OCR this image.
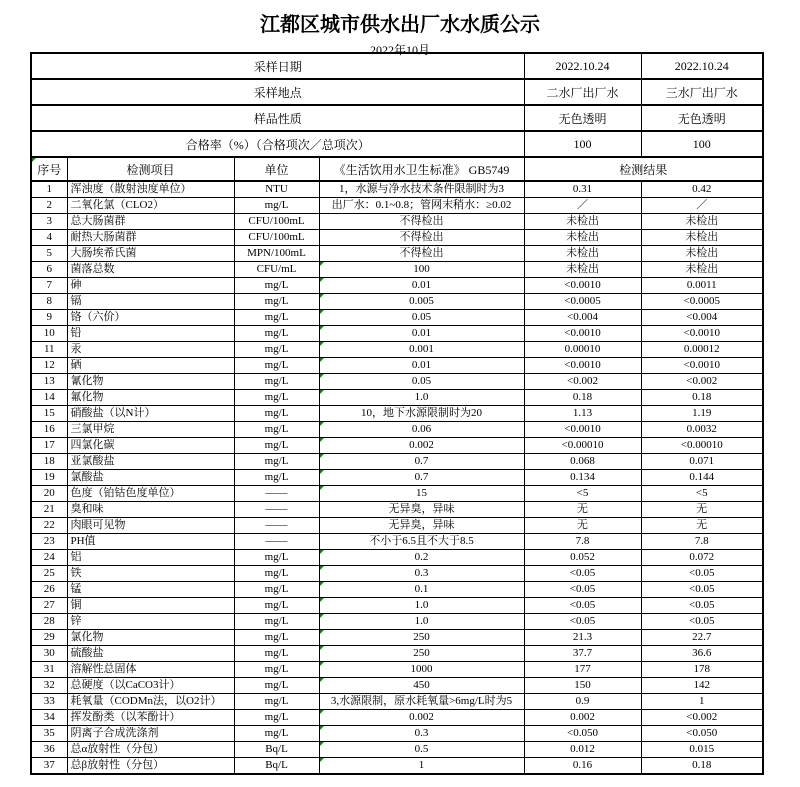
江都区城市供水出厂水水质公示
2022年10月
采样日期				2022.10.24	2022.10.24
采样地点				二水厂出厂水	三水厂出厂水
样品性质				无色透明	无色透明
合格率（%）（合格项次／总项次）				100	100

序号	检测项目	单位	《生活饮用水卫生标准》 GB5749	检测结果	
1	浑浊度（散射浊度单位）	NTU	1，水源与净水技术条件限制时为3	0.31	0.42
2	二氧化氯（CLO2）	mg/L	出厂水：0.1~0.8；管网末稍水：≥0.02	／	／
3	总大肠菌群	CFU/100mL	不得检出	未检出	未检出
4	耐热大肠菌群	CFU/100mL	不得检出	未检出	未检出
5	大肠埃希氏菌	MPN/100mL	不得检出	未检出	未检出
6	菌落总数	CFU/mL	100	未检出	未检出
7	砷	mg/L	0.01	<0.0010	0.0011
8	镉	mg/L	0.005	<0.0005	<0.0005
9	铬（六价）	mg/L	0.05	<0.004	<0.004
10	铅	mg/L	0.01	<0.0010	<0.0010
11	汞	mg/L	0.001	0.00010	0.00012
12	硒	mg/L	0.01	<0.0010	<0.0010
13	氰化物	mg/L	0.05	<0.002	<0.002
14	氟化物	mg/L	1.0	0.18	0.18
15	硝酸盐（以N计）	mg/L	10，地下水源限制时为20	1.13	1.19
16	三氯甲烷	mg/L	0.06	<0.0010	0.0032
17	四氯化碳	mg/L	0.002	<0.00010	<0.00010
18	亚氯酸盐	mg/L	0.7	0.068	0.071
19	氯酸盐	mg/L	0.7	0.134	0.144
20	色度（铂钴色度单位）	——	15	<5	<5
21	臭和味	——	无异臭，异味	无	无
22	肉眼可见物	——	无异臭，异味	无	无
23	PH值	——	不小于6.5且不大于8.5	7.8	7.8
24	铝	mg/L	0.2	0.052	0.072
25	铁	mg/L	0.3	<0.05	<0.05
26	锰	mg/L	0.1	<0.05	<0.05
27	铜	mg/L	1.0	<0.05	<0.05
28	锌	mg/L	1.0	<0.05	<0.05
29	氯化物	mg/L	250	21.3	22.7
30	硫酸盐	mg/L	250	37.7	36.6
31	溶解性总固体	mg/L	1000	177	178
32	总硬度（以CaCO3计）	mg/L	450	150	142
33	耗氧量（CODMn法，以O2计）	mg/L	3,水源限制，原水耗氧量>6mg/L时为5	0.9	1
34	挥发酚类（以苯酚计）	mg/L	0.002	0.002	<0.002
35	阴离子合成洗涤剂	mg/L	0.3	<0.050	<0.050
36	总α放射性（分包）	Bq/L	0.5	0.012	0.015
37	总β放射性（分包）	Bq/L	1	0.16	0.18
